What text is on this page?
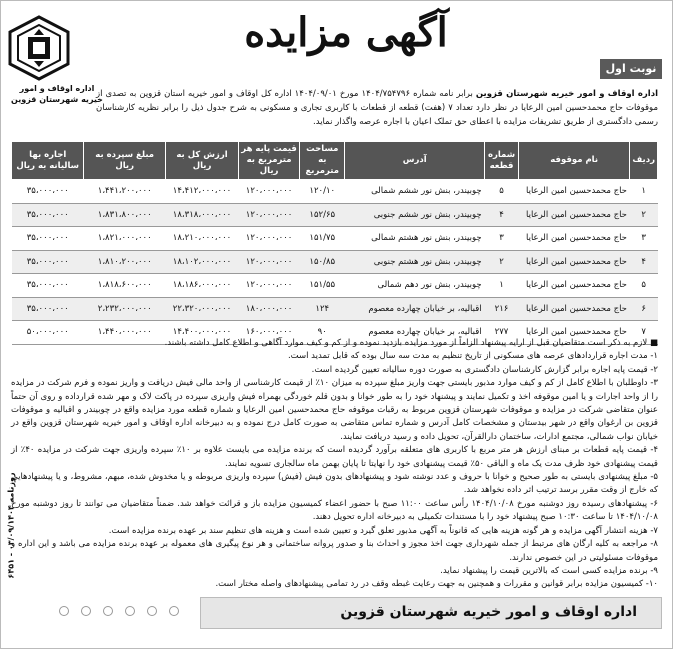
اداره اوقاف و امور خیریه شهرستان قزوین
آگهی مزایده
نوبت اول
اداره اوقاف و امور خیریه شهرستان قزوین برابر نامه شماره ۱۴۰۴/۷۵۴۷۹۶ مورخ ۱۴۰۴/۰۹/۰۱ اداره کل اوقاف و امور خیریه استان قزوین به تصدی از موقوفات حاج محمدحسین امین الرعایا در نظر دارد تعداد ۷ (هفت) قطعه از قطعات با کاربری تجاری و مسکونی به شرح جدول ذیل را برابر نظریه کارشناسان رسمی دادگستری از طریق تشریفات مزایده با اعطای حق تملک اعیان با اجاره عرصه واگذار نماید.
ردیف	نام موقوفه	شماره قطعه	آدرس	مساحت به مترمربع	قیمت پایه هر مترمربع به ریال	ارزش کل به ریال	مبلغ سپرده به ریال	اجاره بها سالیانه به ریال
۱	حاج محمدحسین امین الرعایا	۵	چوبیندر، بنش نور ششم شمالی	۱۲۰/۱۰	۱۲۰،۰۰۰،۰۰۰	۱۴،۴۱۲،۰۰۰،۰۰۰	۱،۴۴۱،۲۰۰،۰۰۰	۳۵،۰۰۰،۰۰۰
۲	حاج محمدحسین امین الرعایا	۴	چوبیندر، بنش نور ششم جنوبی	۱۵۲/۶۵	۱۲۰،۰۰۰،۰۰۰	۱۸،۳۱۸،۰۰۰،۰۰۰	۱،۸۳۱،۸۰۰،۰۰۰	۳۵،۰۰۰،۰۰۰
۳	حاج محمدحسین امین الرعایا	۳	چوبیندر، بنش نور هشتم شمالی	۱۵۱/۷۵	۱۲۰،۰۰۰،۰۰۰	۱۸،۲۱۰،۰۰۰،۰۰۰	۱،۸۲۱،۰۰۰،۰۰۰	۳۵،۰۰۰،۰۰۰
۴	حاج محمدحسین امین الرعایا	۲	چوبیندر، بنش نور هشتم جنوبی	۱۵۰/۸۵	۱۲۰،۰۰۰،۰۰۰	۱۸،۱۰۲،۰۰۰،۰۰۰	۱،۸۱۰،۲۰۰،۰۰۰	۳۵،۰۰۰،۰۰۰
۵	حاج محمدحسین امین الرعایا	۱	چوبیندر، بنش نور دهم شمالی	۱۵۱/۵۵	۱۲۰،۰۰۰،۰۰۰	۱۸،۱۸۶،۰۰۰،۰۰۰	۱،۸۱۸،۶۰۰،۰۰۰	۳۵،۰۰۰،۰۰۰
۶	حاج محمدحسین امین الرعایا	۲۱۶	اقبالیه، بر خیابان چهارده معصوم	۱۲۴	۱۸۰،۰۰۰،۰۰۰	۲۲،۳۲۰،۰۰۰،۰۰۰	۲،۲۳۲،۰۰۰،۰۰۰	۳۵،۰۰۰،۰۰۰
۷	حاج محمدحسین امین الرعایا	۲۷۷	اقبالیه، بر خیابان چهارده معصوم	۹۰	۱۶۰،۰۰۰،۰۰۰	۱۴،۴۰۰،۰۰۰،۰۰۰	۱،۴۴۰،۰۰۰،۰۰۰	۵۰،۰۰۰،۰۰۰

■ لازم به ذکر است متقاضیان قبل از ارایه پیشنهاد الزاماً از مورد مزایده بازدید نموده و از کم و کیف موارد آگاهی و اطلاع کامل داشته باشند.

۱- مدت اجاره قراردادهای عرصه های مسکونی از تاریخ تنظیم به مدت سه سال بوده که قابل تمدید است.

۲- قیمت پایه اجاره برابر گزارش کارشناسان دادگستری به صورت دوره سالیانه تعیین گردیده است.

۳- داوطلبان با اطلاع کامل از کم و کیف موارد مذبور بایستی جهت واریز مبلغ سپرده به میزان ۱۰٪ از قیمت کارشناسی از واحد مالی فیش دریافت و واریز نموده و فرم شرکت در مزایده را از واحد اجارات و یا امین موقوفه اخذ و تکمیل نمایند و پیشنهاد خود را به طور خوانا و بدون قلم خوردگی بهمراه فیش واریزی سپرده در پاکت لاک و مهر شده قرارداده و روی آن حتماً عنوان متقاضی شرکت در مزایده و موقوفات شهرستان قزوین مربوط به رقبات موقوفه حاج محمدحسین امین الرعایا و شماره قطعه مورد مزایده واقع در چوبیندر و اقبالیه و موقوفات قزوین بن ارغوان واقع در شهر بیدستان و مشخصات کامل آدرس و شماره تماس متقاضی به صورت کامل درج نموده و به دبیرخانه اداره اوقاف و امور خیریه شهرستان قزوین واقع در خیابان نواب شمالی، مجتمع ادارات، ساختمان دارالقرآن، تحویل داده و رسید دریافت نمایند.

۴- قیمت پایه قطعات بر مبنای ارزش هر متر مربع با کاربری های متعلقه برآورد گردیده است که برنده مزایده می بایست علاوه بر ۱۰٪ سپرده واریزی جهت شرکت در مزایده ۴۰٪ از قیمت پیشنهادی خود ظرف مدت یک ماه و الباقی ۵۰٪ قیمت پیشنهادی خود را نهایتا تا پایان بهمن ماه سالجاری تسویه نمایند.

۵- مبلغ پیشنهادی بایستی به طور صحیح و خوانا با حروف و عدد نوشته شود و پیشنهادهای بدون فیش (فیش) سپرده واریزی مربوطه و یا مخدوش شده، مبهم، مشروط، و یا پیشنهادهایی که خارج از وقت مقرر برسد ترتیب اثر داده نخواهد شد.

۶- پیشنهادهای رسیده روز دوشنبه مورخ ۱۴۰۴/۱۰/۰۸ رأس ساعت ۱۱:۰۰ صبح با حضور اعضاء کمیسیون مزایده باز و قرائت خواهد شد. ضمناً متقاضیان می توانند تا روز دوشنبه مورخ ۱۴۰۴/۱۰/۰۸ تا ساعت ۱۰:۳۰ صبح پیشنهاد خود را با مستندات تکمیلی به دبیرخانه اداره تحویل دهند.

۷- هزینه انتشار آگهی مزایده و هر گونه هزینه هایی که قانوناً به آگهی مذبور تعلق گیرد و تعیین شده است و هزینه های تنظیم سند بر عهده برنده مزایده است.

۸- مراجعه به کلیه ارگان های مرتبط از جمله شهرداری جهت اخذ مجوز و احداث بنا و صدور پروانه ساختمانی و هر نوع پیگیری های معموله بر عهده برنده مزایده می باشد و این اداره و موقوفات مسئولیتی در این خصوص ندارند.

۹- برنده مزایده کسی است که بالاترین قیمت را پیشنهاد نماید.

۱۰- کمیسیون مزایده برابر قوانین و مقررات و همچنین به جهت رعایت غبطه وقف در رد تمامی پیشنهادهای واصله مختار است.

اداره اوقاف و امور خیریه شهرستان قزوین
روزنامه ۰۳/۰۹/۱۴۰۴ - ۶۴۵۱
